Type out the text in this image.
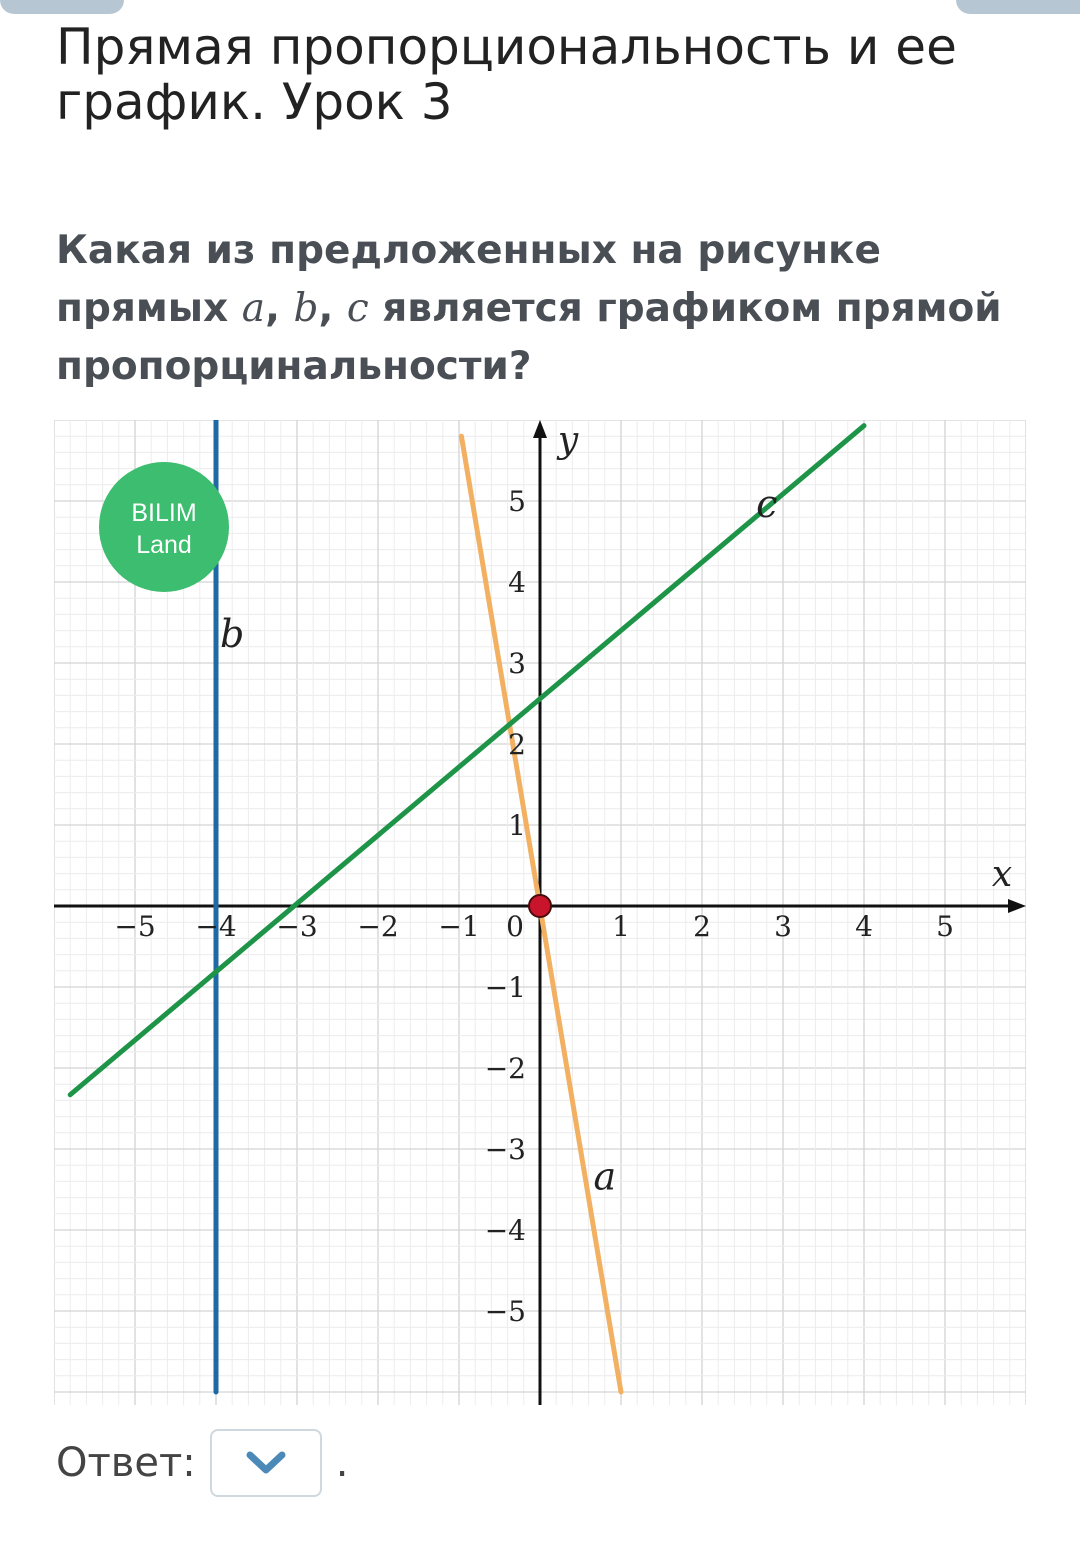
Прямая пропорциональность и ее график. Урок 3

Какая из предложенных на рисунке прямых a, b, c является графиком прямой пропорцинальности?

x
y
−5 −4 −3 −2 −1 0	1 2 3 4 5
5
4
3
2
1
−1
−2
−3
−4
−5
a
b
c
BILIM
Land
Ответ:	.
